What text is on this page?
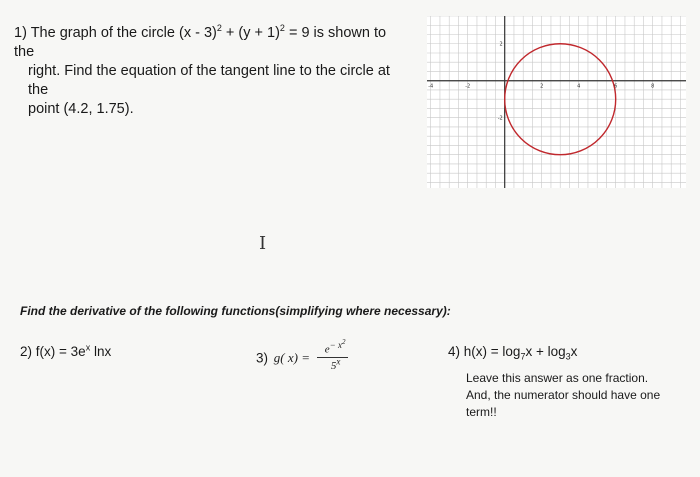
1) The graph of the circle $(x - 3)^2 + (y + 1)^2 = 9$ is shown to the
right. Find the equation of the tangent line to the circle at the
point (4.2, 1.75).
-4	-2	2	4	6	8
2
-2
I
Find the derivative of the following functions(simplifying where necessary):
2) $f(x) = 3e^x$ lnx	3) g( $x) = \frac{e^{- x^2}}{5^x}$	4) $h(x) = \log_7x + \log_3x$
Leave this answer as one fraction.
And, the numerator should have one
term!!
